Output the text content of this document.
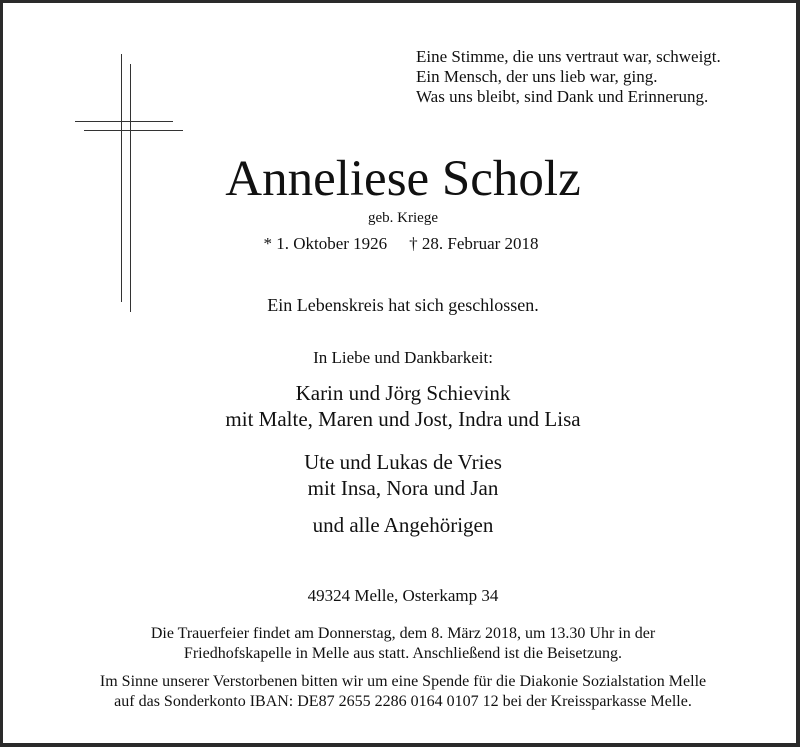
Eine Stimme, die uns vertraut war, schweigt.
Ein Mensch, der uns lieb war, ging.
Was uns bleibt, sind Dank und Erinnerung.
Anneliese Scholz
geb. Kriege
* 1. Oktober 1926 † 28. Februar 2018
Ein Lebenskreis hat sich geschlossen.
In Liebe und Dankbarkeit:
Karin und Jörg Schievink
mit Malte, Maren und Jost, Indra und Lisa
Ute und Lukas de Vries
mit Insa, Nora und Jan
und alle Angehörigen
49324 Melle, Osterkamp 34
Die Trauerfeier findet am Donnerstag, dem 8. März 2018, um 13.30 Uhr in der
Friedhofskapelle in Melle aus statt. Anschließend ist die Beisetzung.
Im Sinne unserer Verstorbenen bitten wir um eine Spende für die Diakonie Sozialstation Melle
auf das Sonderkonto IBAN: DE87 2655 2286 0164 0107 12 bei der Kreissparkasse Melle.
